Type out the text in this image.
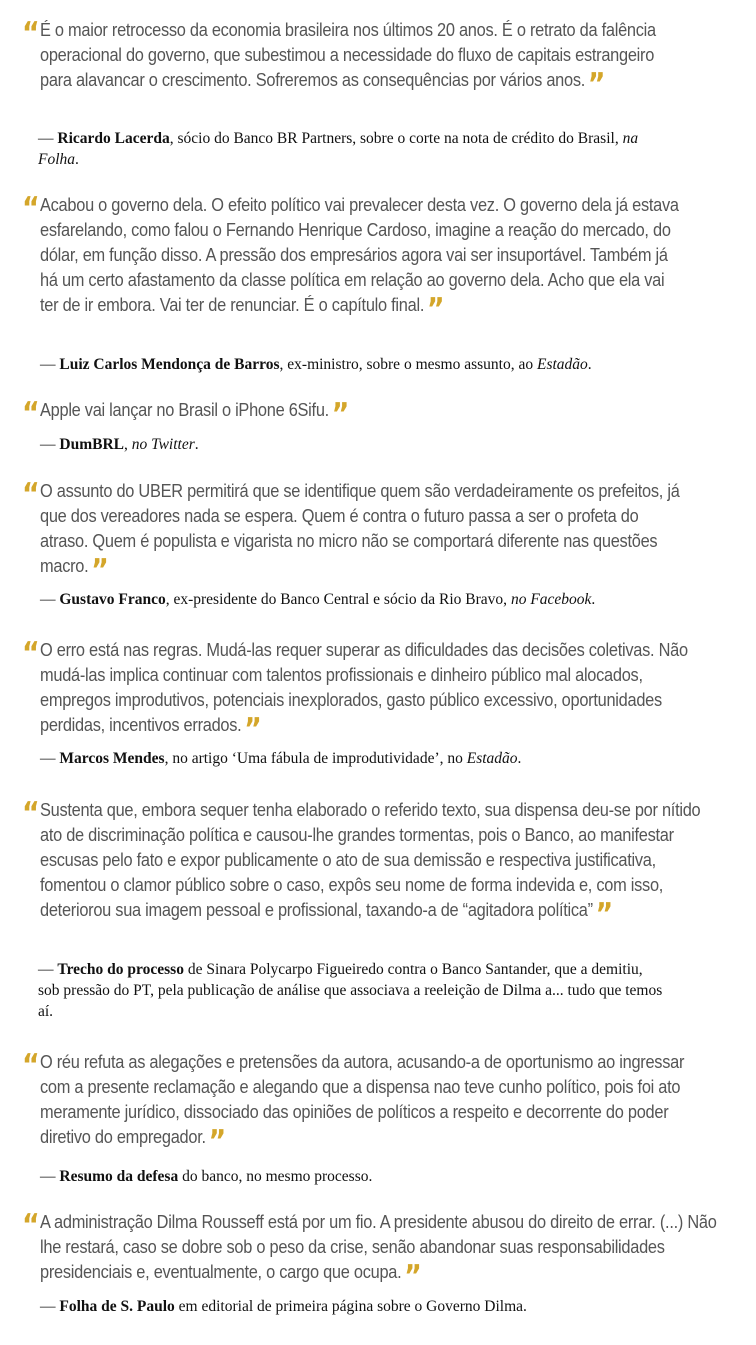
“ É o maior retrocesso da economia brasileira nos últimos 20 anos. É o retrato da falência operacional do governo, que subestimou a necessidade do fluxo de capitais estrangeiro para alavancar o crescimento. Sofreremos as consequências por vários anos.”

— Ricardo Lacerda, sócio do Banco BR Partners, sobre o corte na nota de crédito do Brasil, na Folha.

“ Acabou o governo dela. O efeito político vai prevalecer desta vez. O governo dela já estava esfarelando, como falou o Fernando Henrique Cardoso, imagine a reação do mercado, do dólar, em função disso. A pressão dos empresários agora vai ser insuportável. Também já há um certo afastamento da classe política em relação ao governo dela. Acho que ela vai ter de ir embora. Vai ter de renunciar. É o capítulo final.”

— Luiz Carlos Mendonça de Barros, ex-ministro, sobre o mesmo assunto, ao Estadão.

“ Apple vai lançar no Brasil o iPhone 6Sifu.”

— DumBRL, no Twitter.

“ O assunto do UBER permitirá que se identifique quem são verdadeiramente os prefeitos, já que dos vereadores nada se espera. Quem é contra o futuro passa a ser o profeta do atraso. Quem é populista e vigarista no micro não se comportará diferente nas questões macro.”

— Gustavo Franco, ex-presidente do Banco Central e sócio da Rio Bravo, no Facebook.

“ O erro está nas regras. Mudá-las requer superar as dificuldades das decisões coletivas. Não mudá-las implica continuar com talentos profissionais e dinheiro público mal alocados, empregos improdutivos, potenciais inexplorados, gasto público excessivo, oportunidades perdidas, incentivos errados.”

— Marcos Mendes, no artigo ‘Uma fábula de improdutividade’, no Estadão.

“ Sustenta que, embora sequer tenha elaborado o referido texto, sua dispensa deu-se por nítido ato de discriminação política e causou-lhe grandes tormentas, pois o Banco, ao manifestar escusas pelo fato e expor publicamente o ato de sua demissão e respectiva justificativa, fomentou o clamor público sobre o caso, expôs seu nome de forma indevida e, com isso, deteriorou sua imagem pessoal e profissional, taxando-a de “agitadora política””

— Trecho do processo de Sinara Polycarpo Figueiredo contra o Banco Santander, que a demitiu, sob pressão do PT, pela publicação de análise que associava a reeleição de Dilma a... tudo que temos aí.

“ O réu refuta as alegações e pretensões da autora, acusando-a de oportunismo ao ingressar com a presente reclamação e alegando que a dispensa nao teve cunho político, pois foi ato meramente jurídico, dissociado das opiniões de políticos a respeito e decorrente do poder diretivo do empregador.”

— Resumo da defesa do banco, no mesmo processo.

“ A administração Dilma Rousseff está por um fio. A presidente abusou do direito de errar. (...) Não lhe restará, caso se dobre sob o peso da crise, senão abandonar suas responsabilidades presidenciais e, eventualmente, o cargo que ocupa.”

— Folha de S. Paulo em editorial de primeira página sobre o Governo Dilma.
